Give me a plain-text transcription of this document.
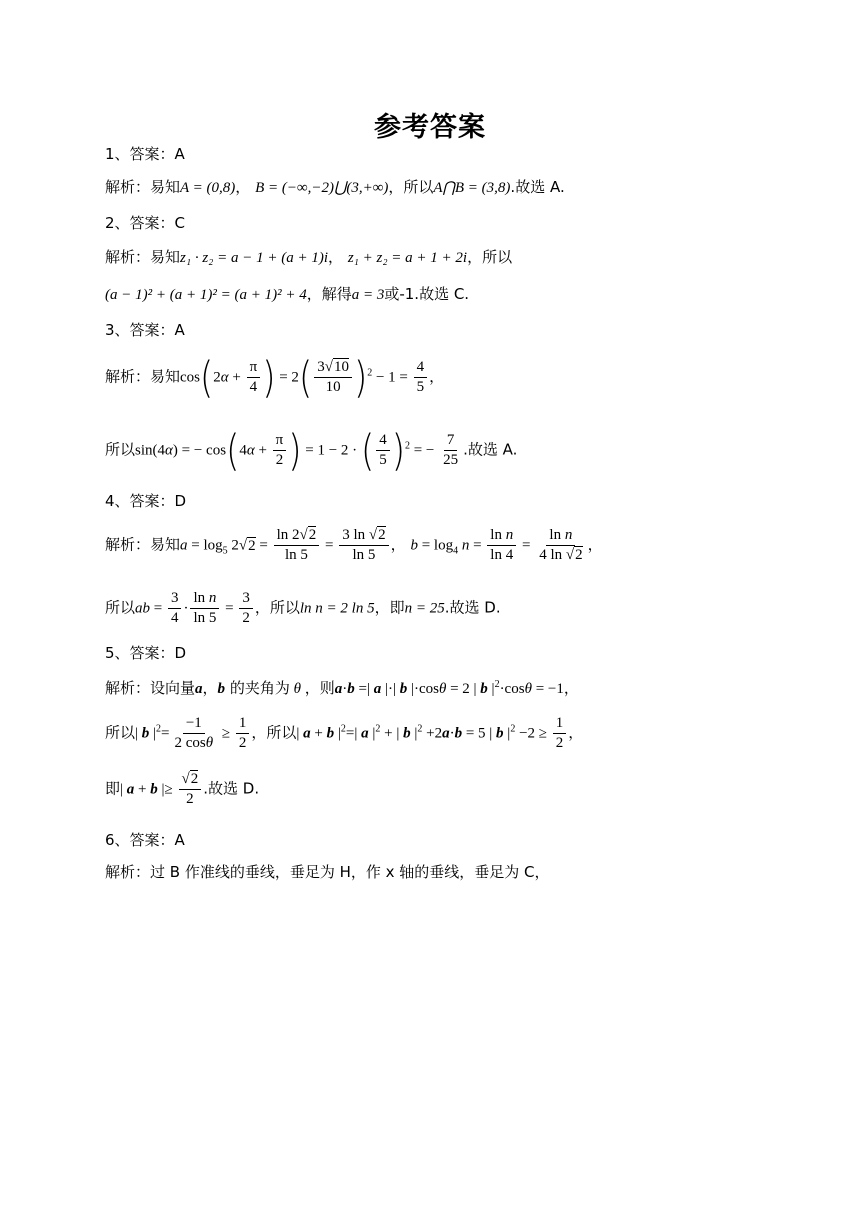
参考答案
1、答案：A
解析：易知A = (0,8)， B = (−∞,−2)⋃(3,+∞)，所以A⋂B = (3,8).故选 A.
2、答案：C
解析：易知z₁ · z₂ = a − 1 + (a + 1)i， z₁ + z₂ = a + 1 + 2i，所以
(a − 1)² + (a + 1)² = (a + 1)² + 4，解得a = 3或-1.故选 C.
3、答案：A
解析：易知$\cos(2\alpha + \frac{\pi}{4}$ ) = $2( \frac{3√10}{10} )^2 - 1 = \frac{4}{5}$ ，
所以sin(4α) = − $\cos(4\alpha + \frac{\pi}{2}$ ) = 1 − 2 · ( $\frac{4}{5} )^2$ = − $\frac{7}{25}$ .故选 A.
4、答案：D
解析：易知$a = \log_5 2√2 = \frac{\ln 2√2}{\ln 5} = \frac{3 \ln √2}{\ln 5}$ ， $b = \log_4 n = \frac{\text{ln n}}{\ln 4} = \frac{\text{ln n}}{4 \ln √2}$ ，
所以ab = $\frac{3}{4} \cdot \frac{\text{ln n}}{\ln 5} = \frac{3}{2}$ ，所以ln n = 2 ln 5，即n = 25.故选 D.
5、答案：D
解析：设向量a，b 的夹角为 θ ，则a·b =| a |·| b |·cosθ = 2 | b $|^2\cdot\cos\theta = -1$，
所以| b $|^2= \frac{-1}{2 \cos\theta} \ge \frac{1}{2}$ ，所以| a + b $|^2=|$ a $|^2$ + | b $|^2 +2a\cdot b = 5$ | b $|^2 -2 \ge \frac{1}{2}$ ，
即| a + b |≥ $\frac{√2}{2}$ .故选 D.
6、答案：A
解析：过 B 作准线的垂线，垂足为 H，作 x 轴的垂线，垂足为 C，
